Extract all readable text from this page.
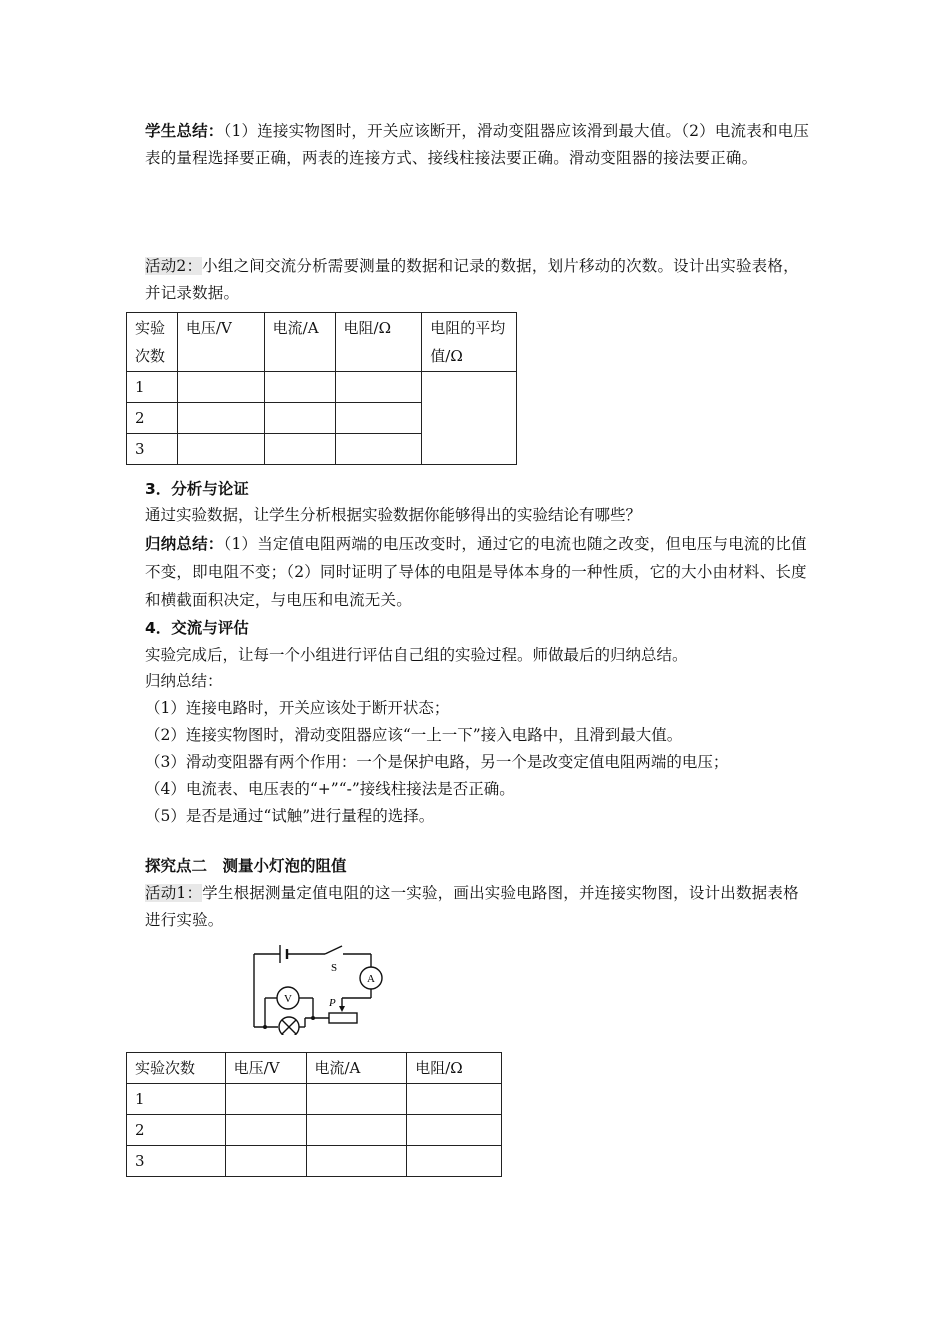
学生总结：（1）连接实物图时，开关应该断开，滑动变阻器应该滑到最大值。（2）电流表和电压表的量程选择要正确，两表的连接方式、接线柱接法要正确。滑动变阻器的接法要正确。
活动2：小组之间交流分析需要测量的数据和记录的数据，划片移动的次数。设计出实验表格，并记录数据。
实验次数	电压/V	电流/A	电阻/Ω	电阻的平均值/Ω
1				
2				
3				
3．分析与论证
通过实验数据，让学生分析根据实验数据你能够得出的实验结论有哪些？
归纳总结：（1）当定值电阻两端的电压改变时，通过它的电流也随之改变，但电压与电流的比值不变，即电阻不变；（2）同时证明了导体的电阻是导体本身的一种性质，它的大小由材料、长度和横截面积决定，与电压和电流无关。
4．交流与评估
实验完成后，让每一个小组进行评估自己组的实验过程。师做最后的归纳总结。
归纳总结：
（1）连接电路时，开关应该处于断开状态；
（2）连接实物图时，滑动变阻器应该“一上一下”接入电路中，且滑到最大值。
（3）滑动变阻器有两个作用：一个是保护电路，另一个是改变定值电阻两端的电压；
（4）电流表、电压表的“+”“-”接线柱接法是否正确。
（5）是否是通过“试触”进行量程的选择。
探究点二　测量小灯泡的阻值
活动1：学生根据测量定值电阻的这一实验，画出实验电路图，并连接实物图，设计出数据表格进行实验。
S
A
V	P
实验次数	电压/V	电流/A	电阻/Ω
1			
2			
3			
